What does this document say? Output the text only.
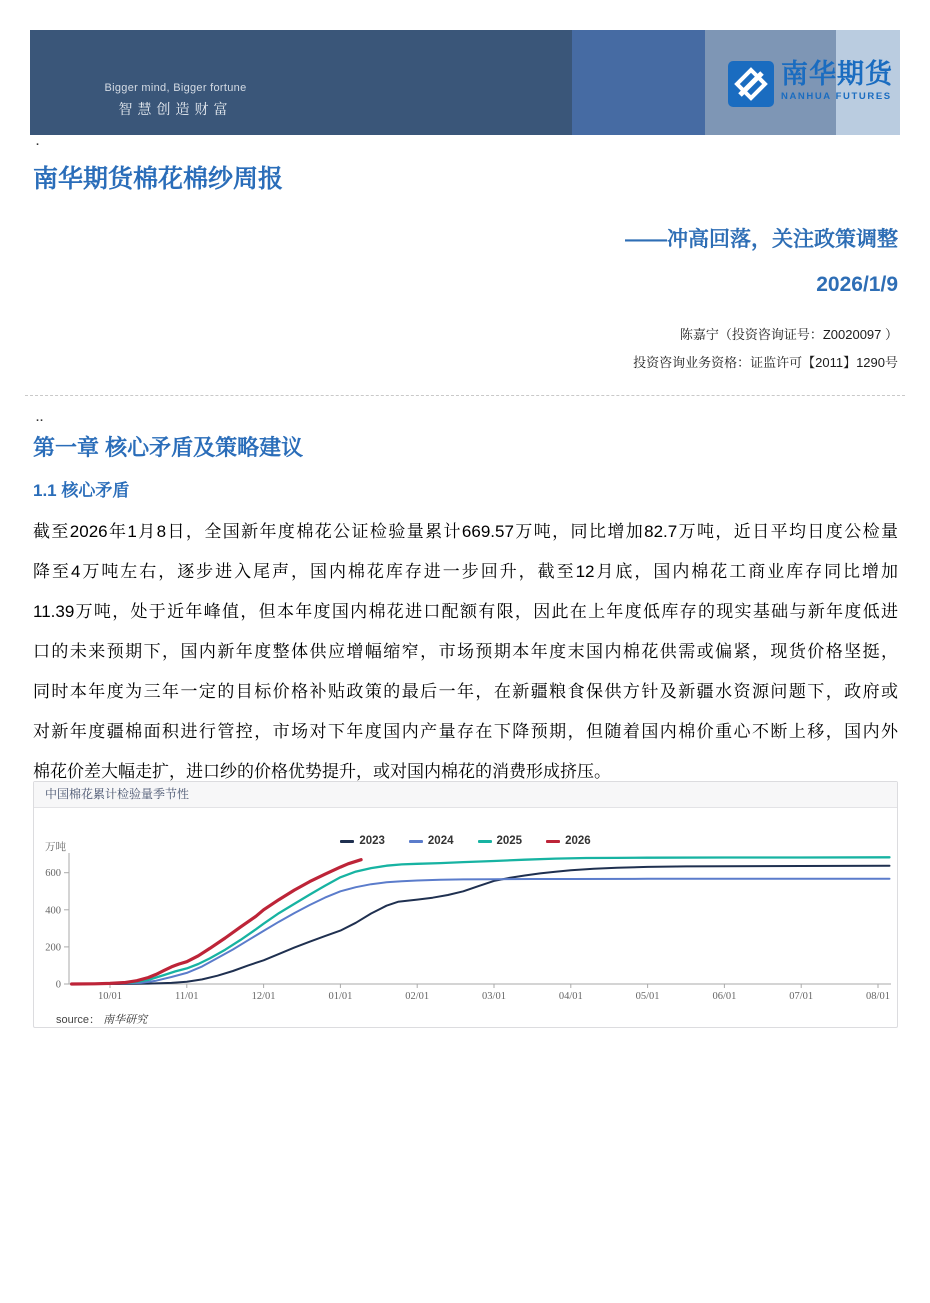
Bigger mind, Bigger fortune
智慧创造财富
南华期货
NANHUA FUTURES
.
南华期货棉花棉纱周报
——冲高回落，关注政策调整
2026/1/9
陈嘉宁（投资咨询证号：Z0020097 ）
投资咨询业务资格：证监许可【2011】1290号
..
第一章 核心矛盾及策略建议
1.1 核心矛盾
截至2026年1月8日，全国新年度棉花公证检验量累计669.57万吨，同比增加82.7万吨，近日平均日度公检量
降至4万吨左右，逐步进入尾声，国内棉花库存进一步回升，截至12月底，国内棉花工商业库存同比增加
11.39万吨，处于近年峰值，但本年度国内棉花进口配额有限，因此在上年度低库存的现实基础与新年度低进
口的未来预期下，国内新年度整体供应增幅缩窄，市场预期本年度末国内棉花供需或偏紧，现货价格坚挺，
同时本年度为三年一定的目标价格补贴政策的最后一年，在新疆粮食保供方针及新疆水资源问题下，政府或
对新年度疆棉面积进行管控，市场对下年度国内产量存在下降预期，但随着国内棉价重心不断上移，国内外
棉花价差大幅走扩，进口纱的价格优势提升，或对国内棉花的消费形成挤压。
中国棉花累计检验量季节性
0
200
400
600
10/01	11/01	12/01	01/01	02/01	03/01	04/01	05/01	06/01	07/01	08/01
万吨
2023	2024	2025	2026
source： 南华研究
